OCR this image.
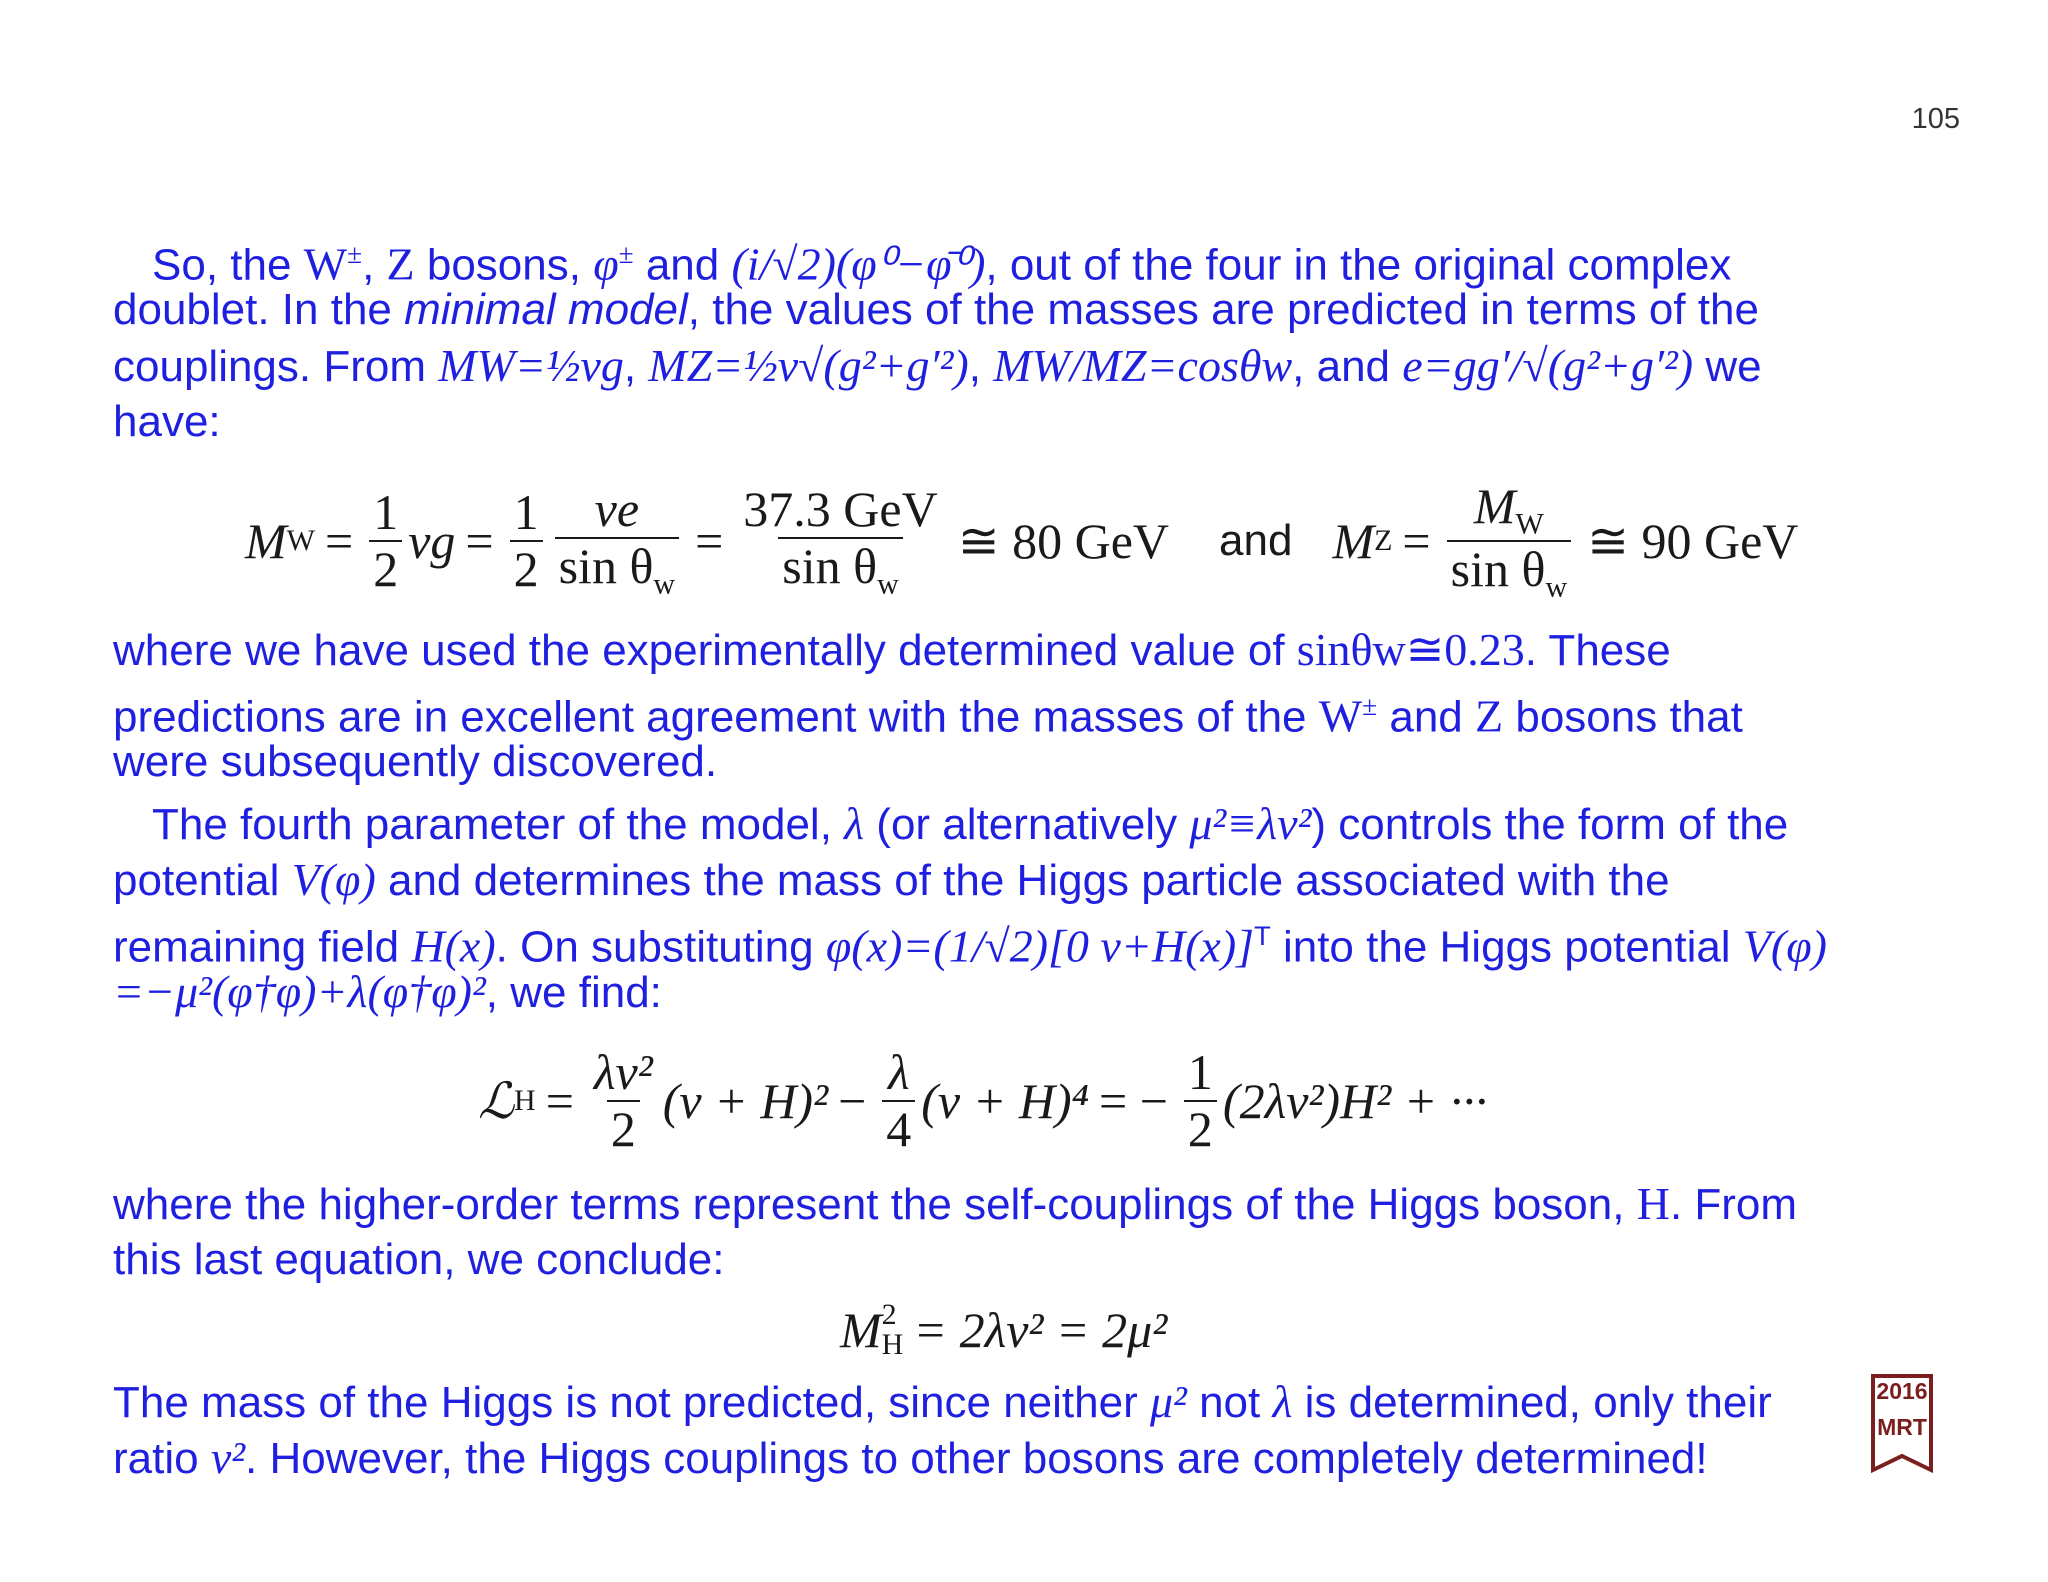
105
So, the W±, Z bosons, φ± and (i/√2)(φ⁰−φ̄⁰), out of the four in the original complex
doublet. In the minimal model, the values of the masses are predicted in terms of the
couplings. From MW=½vg, MZ=½v√(g²+g′²), MW/MZ=cosθw, and e=gg′/√(g²+g′²) we
have:
M $W = \frac{1}{2}$ vg = $\frac{1}{2} \frac{ve}{\sin \theta_w} = \frac{\text{37.3 GeV}}{\sin \theta_w}$ ≅ 80 GeV and M $Z = \frac{M_W}{\sin \theta_w}$ ≅ 90 GeV
where we have used the experimentally determined value of sinθw≅0.23. These
predictions are in excellent agreement with the masses of the W± and Z bosons that
were subsequently discovered.
The fourth parameter of the model, λ (or alternatively μ²≡λv²) controls the form of the
potential V(φ) and determines the mass of the Higgs particle associated with the
remaining field H(x). On substituting φ(x)=(1/√2)[0 v+H(x)]$^T$ into the Higgs potential V(φ)
=−μ²(φ†φ)+λ(φ†φ)², we find:
ℒ $H = \frac{\text{λv²}}{2} (v + H)^2 - \frac{\lambda}{4} (v + H)^4$ = − $\frac{1}{2} (2\lambda v^2)H^2$ + ···
where the higher-order terms represent the self-couplings of the Higgs boson, H. From
this last equation, we conclude:
M 2
H = 2λv² = 2μ²
The mass of the Higgs is not predicted, since neither μ² not λ is determined, only their
ratio v². However, the Higgs couplings to other bosons are completely determined!
2016
MRT
